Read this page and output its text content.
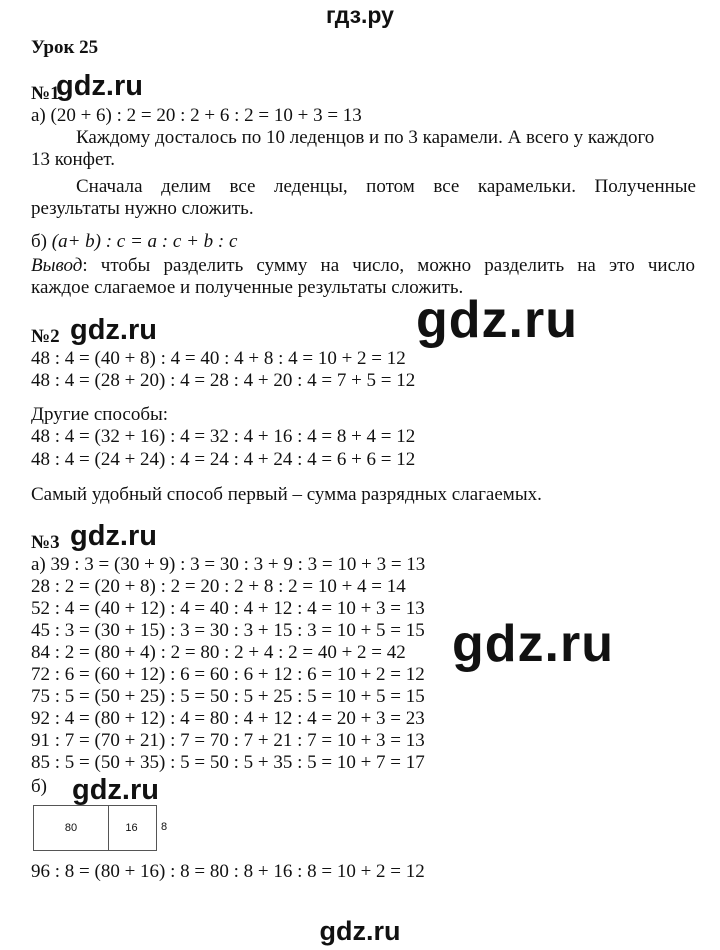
гдз.ру
Урок 25
№1
gdz.ru
а) (20 + 6) : 2 = 20 : 2 + 6 : 2 = 10 + 3 = 13
Каждому досталось по 10 леденцов и по 3 карамели. А всего у каждого
13 конфет.
Сначала делим все леденцы, потом все карамельки. Полученные
результаты нужно сложить.
б) (a+ b) : c = a : c + b : c
Вывод: чтобы разделить сумму на число, можно разделить на это число
каждое слагаемое и полученные результаты сложить.
№2 gdz.ru	gdz.ru
48 : 4 = (40 + 8) : 4 = 40 : 4 + 8 : 4 = 10 + 2 = 12
48 : 4 = (28 + 20) : 4 = 28 : 4 + 20 : 4 = 7 + 5 = 12
Другие способы:
48 : 4 = (32 + 16) : 4 = 32 : 4 + 16 : 4 = 8 + 4 = 12
48 : 4 = (24 + 24) : 4 = 24 : 4 + 24 : 4 = 6 + 6 = 12
Самый удобный способ первый – сумма разрядных слагаемых.
№3 gdz.ru
gdz.ru
а) 39 : 3 = (30 + 9) : 3 = 30 : 3 + 9 : 3 = 10 + 3 = 13
28 : 2 = (20 + 8) : 2 = 20 : 2 + 8 : 2 = 10 + 4 = 14
52 : 4 = (40 + 12) : 4 = 40 : 4 + 12 : 4 = 10 + 3 = 13
45 : 3 = (30 + 15) : 3 = 30 : 3 + 15 : 3 = 10 + 5 = 15
84 : 2 = (80 + 4) : 2 = 80 : 2 + 4 : 2 = 40 + 2 = 42
72 : 6 = (60 + 12) : 6 = 60 : 6 + 12 : 6 = 10 + 2 = 12
75 : 5 = (50 + 25) : 5 = 50 : 5 + 25 : 5 = 10 + 5 = 15
92 : 4 = (80 + 12) : 4 = 80 : 4 + 12 : 4 = 20 + 3 = 23
91 : 7 = (70 + 21) : 7 = 70 : 7 + 21 : 7 = 10 + 3 = 13
85 : 5 = (50 + 35) : 5 = 50 : 5 + 35 : 5 = 10 + 7 = 17
б) gdz.ru
80	16 8
96 : 8 = (80 + 16) : 8 = 80 : 8 + 16 : 8 = 10 + 2 = 12
gdz.ru
